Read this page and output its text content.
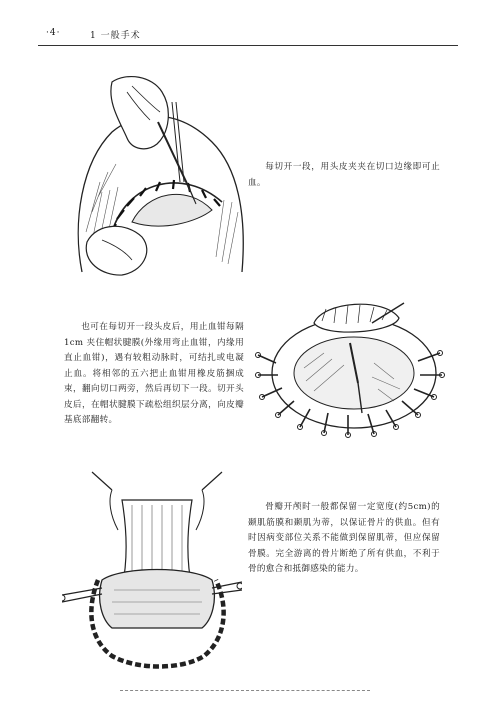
·4·	1 一般手术

每切开一段，用头皮夹夹在切口边缘即可止血。

也可在每切开一段头皮后，用止血钳每隔 1cm 夹住帽状腱膜(外缘用弯止血钳，内缘用直止血钳)，遇有较粗动脉时，可结扎或电凝止血。将相邻的五六把止血钳用橡皮筋捆成束，翻向切口两旁，然后再切下一段。切开头皮后，在帽状腱膜下疏松组织层分离，向皮瓣基底部翻转。

骨瓣开颅时一般都保留一定宽度(约5cm)的颞肌筋膜和颞肌为蒂，以保证骨片的供血。但有时因病变部位关系不能做到保留肌蒂，但应保留骨膜。完全游离的骨片断绝了所有供血，不利于骨的愈合和抵御感染的能力。
